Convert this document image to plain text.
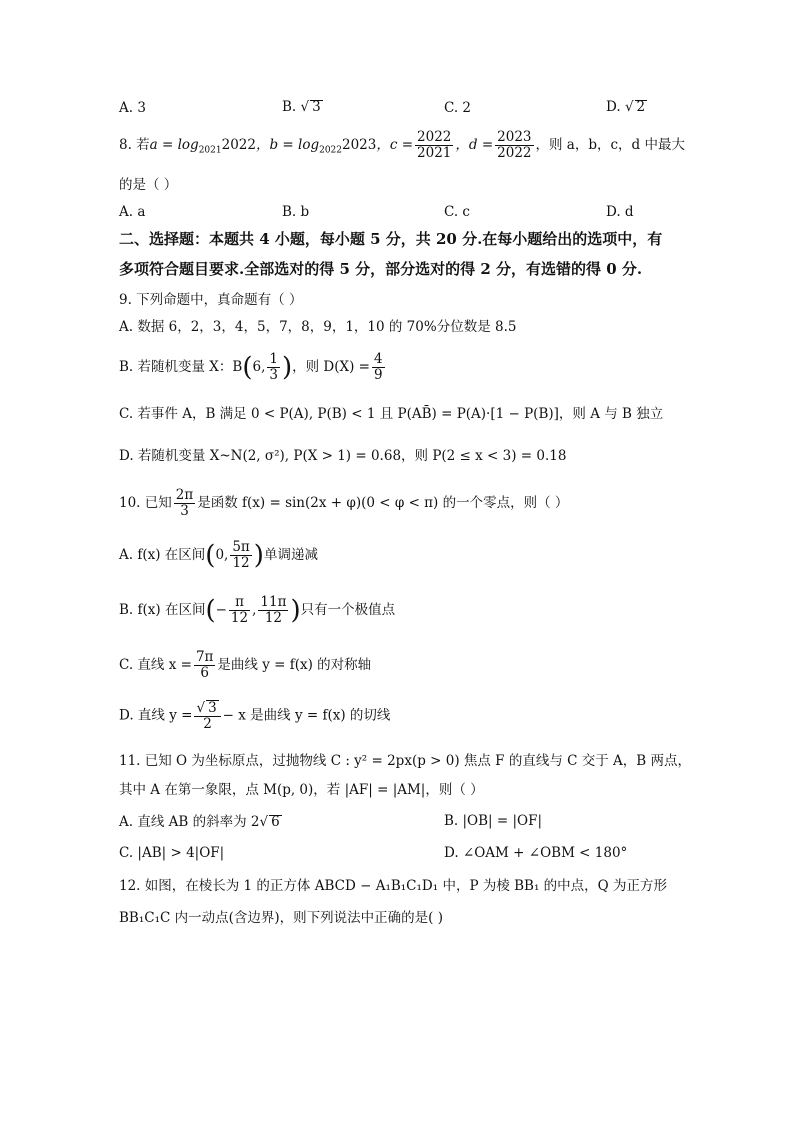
A. 3	B. √ 3	C. 2	D. √ 2
8. 若$a = \log_{2021}2022$，$b = \log_{2022}2023$，$c = \frac{2022}{2021}$ ，$d = \frac{2023}{2022}$ ，则 a，b，c，d 中最大
的是（ ）
A. a	B. b	C. c	D. d
二、选择题：本题共 4 小题，每小题 5 分，共 20 分.在每小题给出的选项中，有
多项符合题目要求.全部选对的得 5 分，部分选对的得 2 分，有选错的得 0 分.
9. 下列命题中，真命题有（ ）
A. 数据 6，2，3，4，5，7，8，9，1，10 的 70%分位数是 8.5
B. 若随机变量 X：B(6, $\frac{1}{3}$ )，则 $D(X) = \frac{4}{9}$
C. 若事件 A，B 满足 0 < P(A), P(B) < 1 且 P(AB̄) = P(A)·[1 − P(B)]，则 A 与 B 独立
D. 若随机变量 X~N(2, σ²), P(X > 1) = 0.68，则 P(2 ≤ x < 3) = 0.18
10. 已知 $\frac{2\pi}{3}$ 是函数 f(x) = sin(2x + φ)(0 < φ < π) 的一个零点，则（ ）
A. f(x) 在区间(0, $\frac{5\pi}{12}$ )单调递减
B. f(x) 在区间(− $\frac{\pi}{12}$ , $\frac{11\pi}{12}$ )只有一个极值点
C. 直线 $x = \frac{7\pi}{6}$ 是曲线 y = f(x) 的对称轴
D. 直线 $y = \frac{√ 3}{2} - x$ 是曲线 y = f(x) 的切线
11. 已知 O 为坐标原点，过抛物线 C : y² = 2px(p > 0) 焦点 F 的直线与 C 交于 A，B 两点，
其中 A 在第一象限，点 M(p, 0)，若 |AF| = |AM|，则（ ）
A. 直线 AB 的斜率为 2√ 6	B. |OB| = |OF|
C. |AB| > 4|OF|	D. ∠OAM + ∠OBM < 180°
12. 如图，在棱长为 1 的正方体 ABCD − A₁B₁C₁D₁ 中，P 为棱 BB₁ 的中点，Q 为正方形
BB₁C₁C 内一动点(含边界)，则下列说法中正确的是( )
